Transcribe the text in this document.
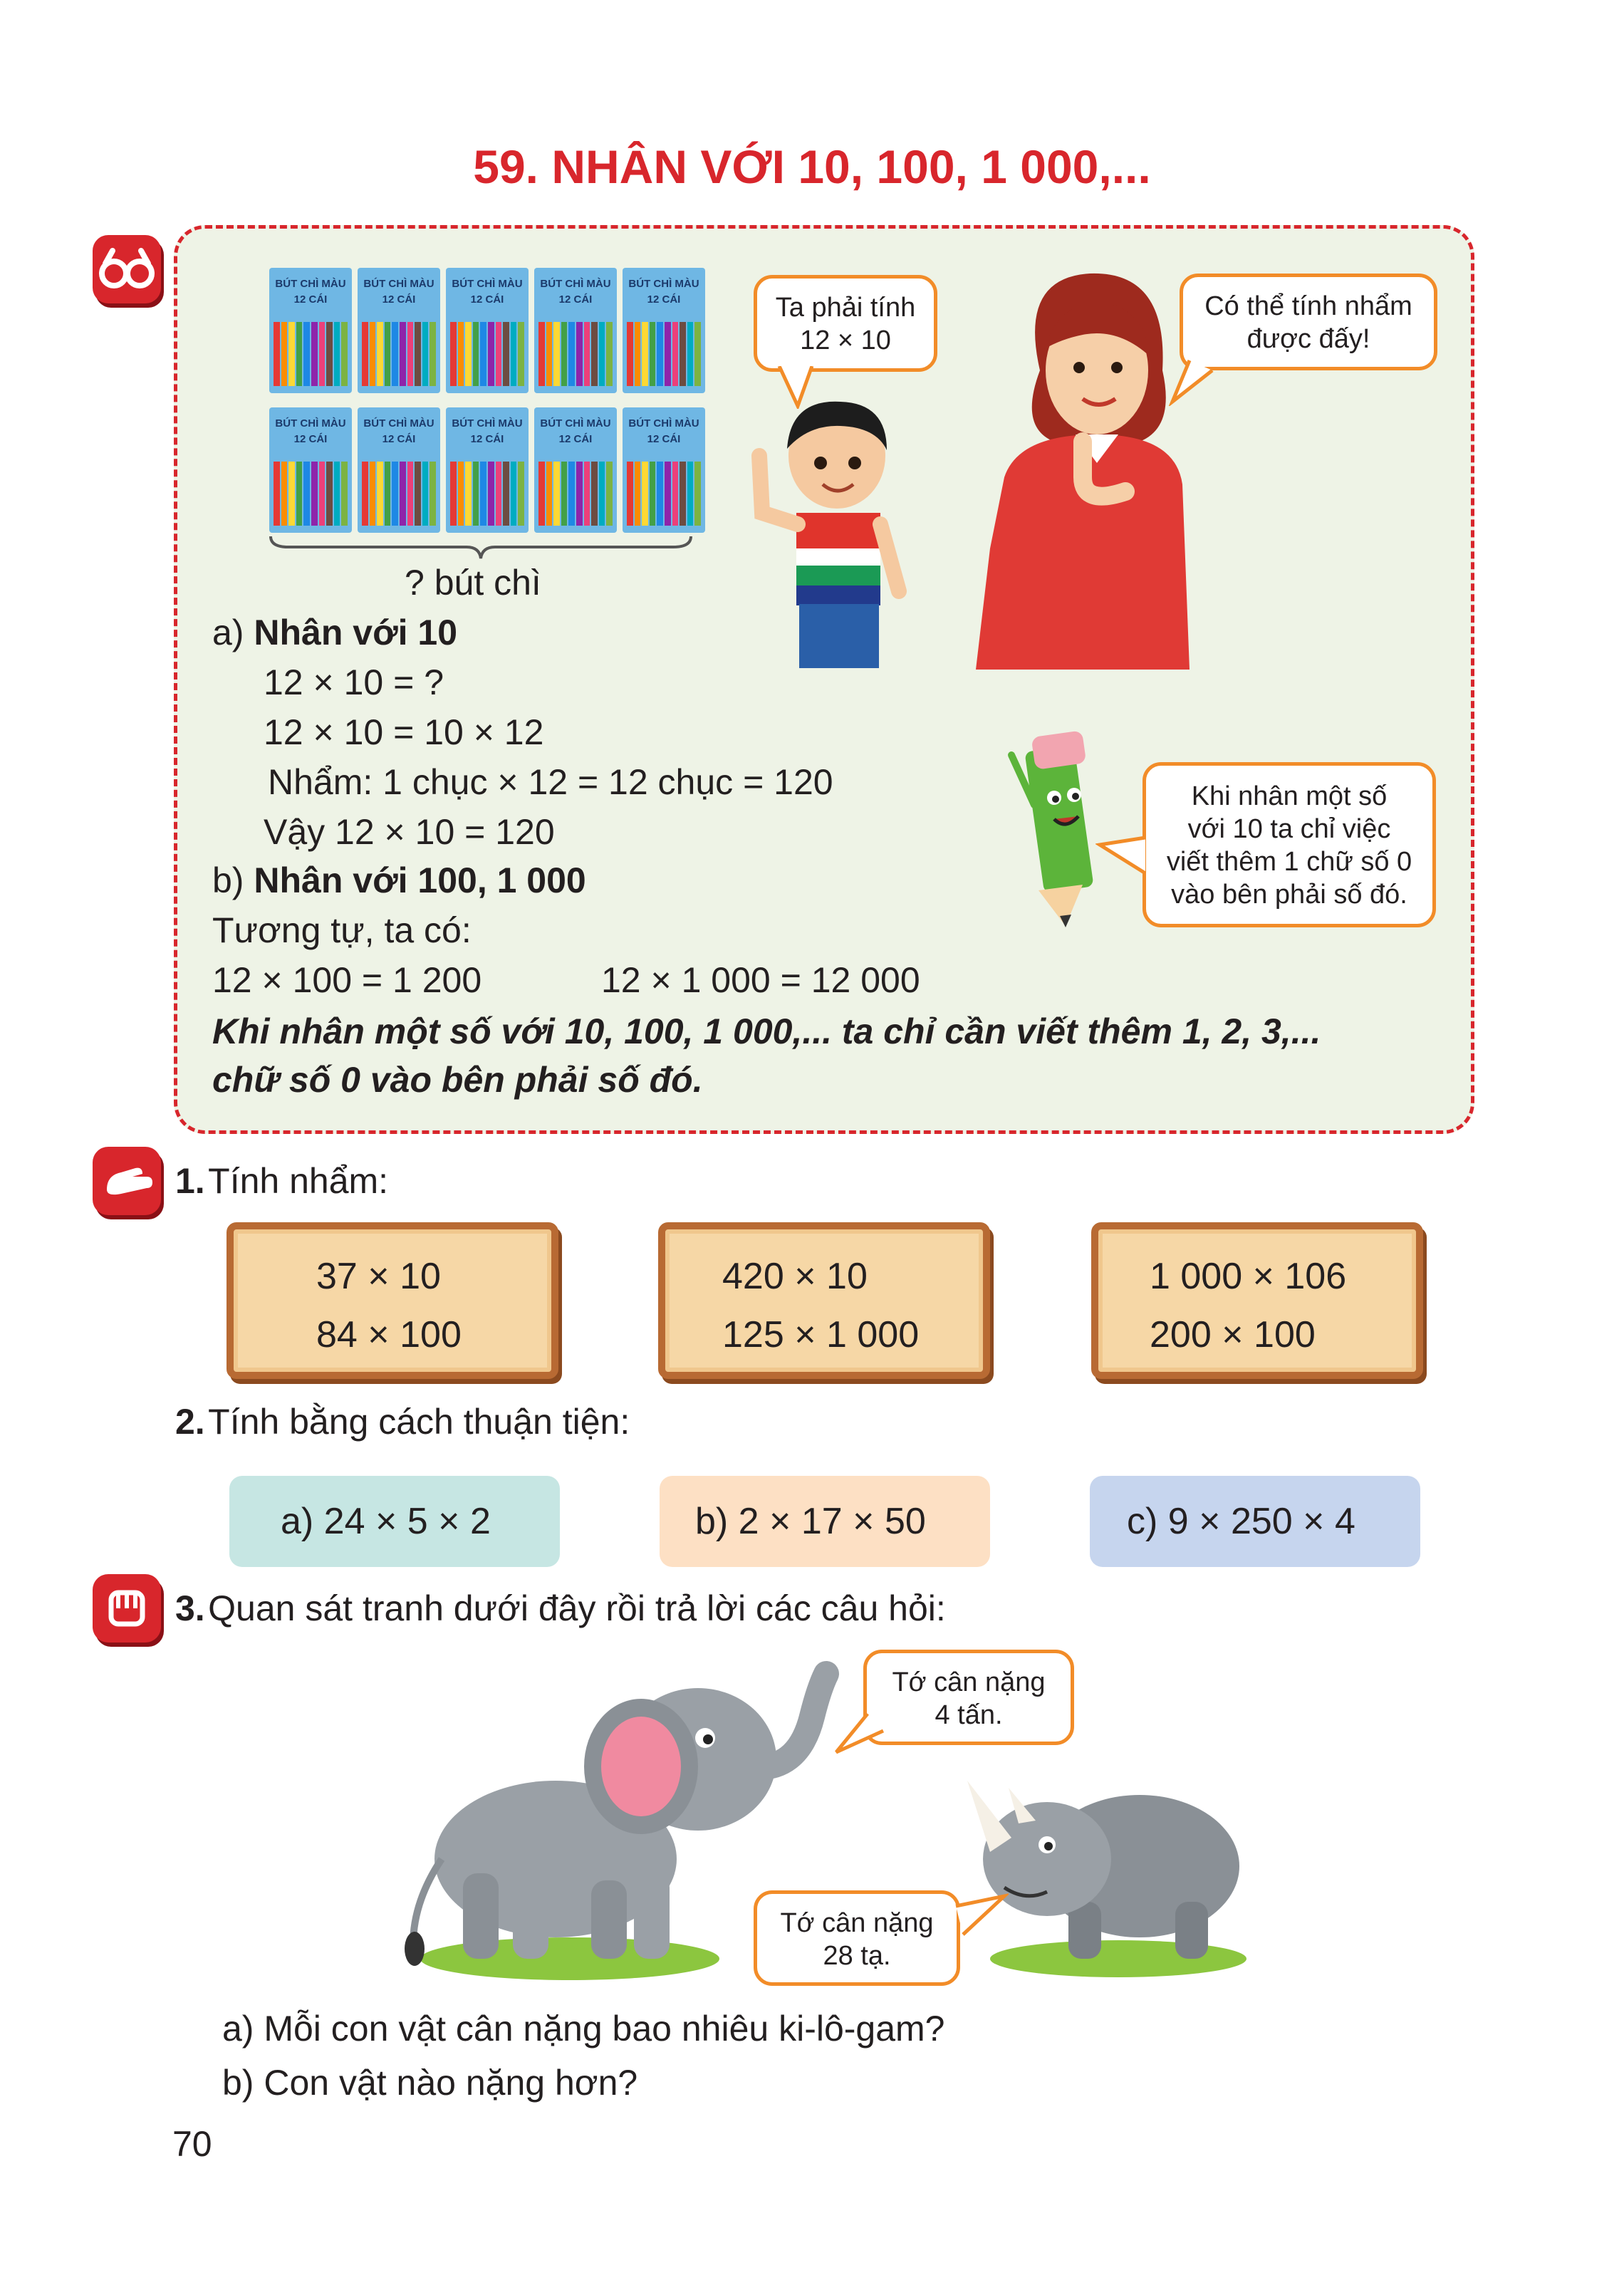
59. NHÂN VỚI 10, 100, 1 000,...
BÚT CHÌ MÀU
12 CÁI
BÚT CHÌ MÀU
12 CÁI
BÚT CHÌ MÀU
12 CÁI
BÚT CHÌ MÀU
12 CÁI
BÚT CHÌ MÀU
12 CÁI
BÚT CHÌ MÀU
12 CÁI
BÚT CHÌ MÀU
12 CÁI
BÚT CHÌ MÀU
12 CÁI
BÚT CHÌ MÀU
12 CÁI
BÚT CHÌ MÀU
12 CÁI
? bút chì
Ta phải tính
12 × 10
Có thể tính nhẩm
được đấy!
a) Nhân với 10
12 × 10 = ?
12 × 10 = 10 × 12
Nhẩm: 1 chục × 12 = 12 chục = 120
Vậy 12 × 10 = 120
b) Nhân với 100, 1 000
Tương tự, ta có:
12 × 100 = 1 200	12 × 1 000 = 12 000
Khi nhân một số
với 10 ta chỉ việc
viết thêm 1 chữ số 0
vào bên phải số đó.
Khi nhân một số với 10, 100, 1 000,... ta chỉ cần viết thêm 1, 2, 3,...
chữ số 0 vào bên phải số đó.
1. Tính nhẩm:
37 × 10
84 × 100
420 × 10
125 × 1 000
1 000 × 106
200 × 100
2. Tính bằng cách thuận tiện:
a) 24 × 5 × 2	b) 2 × 17 × 50	c) 9 × 250 × 4
3. Quan sát tranh dưới đây rồi trả lời các câu hỏi:
Tớ cân nặng
4 tấn.
Tớ cân nặng
28 tạ.
a) Mỗi con vật cân nặng bao nhiêu ki-lô-gam?
b) Con vật nào nặng hơn?
70
